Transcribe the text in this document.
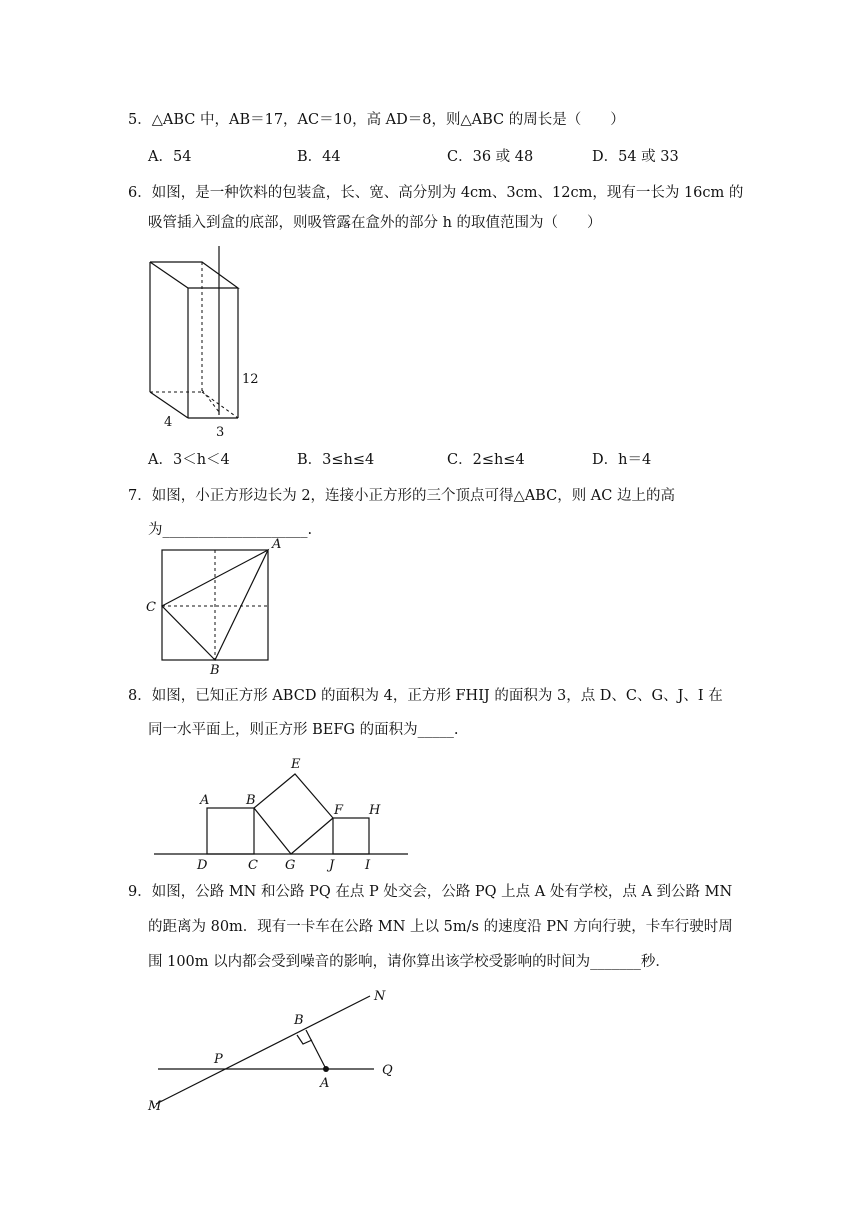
5．△ABC 中，AB＝17，AC＝10，高 AD＝8，则△ABC 的周长是（　　）
A．54	B．44	C．36 或 48	D．54 或 33
6．如图，是一种饮料的包装盒，长、宽、高分别为 4cm、3cm、12cm，现有一长为 16cm 的
吸管插入到盒的底部，则吸管露在盒外的部分 h 的取值范围为（　　）
12
4
3
A．3＜h＜4	B．3≤h≤4	C．2≤h≤4	D．h＝4
7．如图，小正方形边长为 2，连接小正方形的三个顶点可得△ABC，则 AC 边上的高
为____________________.
A
C
B
8．如图，已知正方形 ABCD 的面积为 4，正方形 FHIJ 的面积为 3，点 D、C、G、J、I 在
同一水平面上，则正方形 BEFG 的面积为_____.
A	B
E
F H
D	C G	J I
9．如图，公路 MN 和公路 PQ 在点 P 处交会，公路 PQ 上点 A 处有学校，点 A 到公路 MN
的距离为 80m．现有一卡车在公路 MN 上以 5m/s 的速度沿 PN 方向行驶，卡车行驶时周
围 100m 以内都会受到噪音的影响，请你算出该学校受影响的时间为_______秒．
N
B
P
A
Q
M
